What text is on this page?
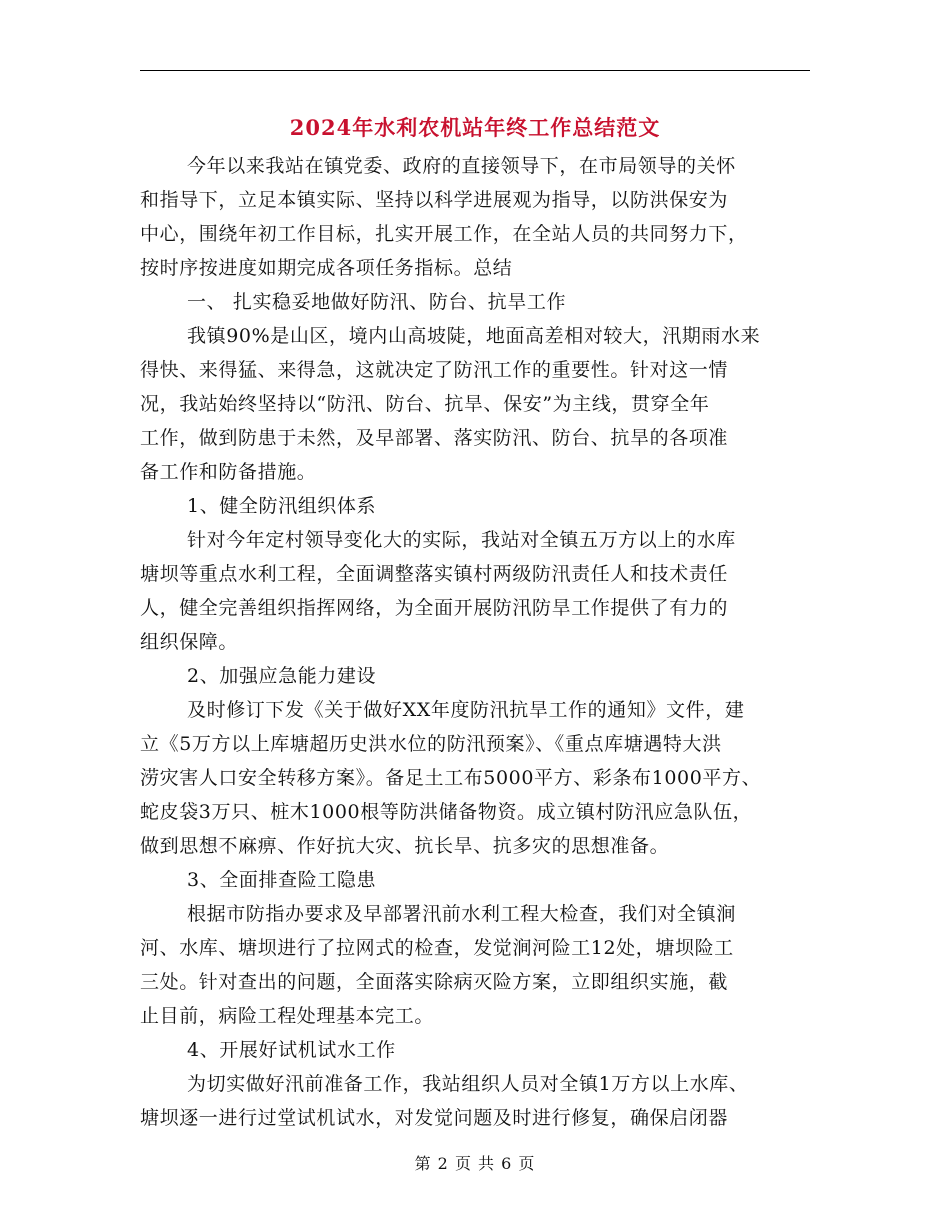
2024年水利农机站年终工作总结范文
今年以来我站在镇党委、政府的直接领导下，在市局领导的关怀
和指导下，立足本镇实际、坚持以科学进展观为指导，以防洪保安为
中心，围绕年初工作目标，扎实开展工作，在全站人员的共同努力下，
按时序按进度如期完成各项任务指标。总结
一、 扎实稳妥地做好防汛、防台、抗旱工作
我镇90%是山区，境内山高坡陡，地面高差相对较大，汛期雨水来
得快、来得猛、来得急，这就决定了防汛工作的重要性。针对这一情
况，我站始终坚持以“防汛、防台、抗旱、保安”为主线，贯穿全年
工作，做到防患于未然，及早部署、落实防汛、防台、抗旱的各项准
备工作和防备措施。
1、健全防汛组织体系
针对今年定村领导变化大的实际，我站对全镇五万方以上的水库
塘坝等重点水利工程，全面调整落实镇村两级防汛责任人和技术责任
人，健全完善组织指挥网络，为全面开展防汛防旱工作提供了有力的
组织保障。
2、加强应急能力建设
及时修订下发《关于做好XX年度防汛抗旱工作的通知》文件，建
立《5万方以上库塘超历史洪水位的防汛预案》、《重点库塘遇特大洪
涝灾害人口安全转移方案》。备足土工布5000平方、彩条布1000平方、
蛇皮袋3万只、桩木1000根等防洪储备物资。成立镇村防汛应急队伍，
做到思想不麻痹、作好抗大灾、抗长旱、抗多灾的思想准备。
3、全面排查险工隐患
根据市防指办要求及早部署汛前水利工程大检查，我们对全镇涧
河、水库、塘坝进行了拉网式的检查，发觉涧河险工12处，塘坝险工
三处。针对查出的问题，全面落实除病灭险方案，立即组织实施，截
止目前，病险工程处理基本完工。
4、开展好试机试水工作
为切实做好汛前准备工作，我站组织人员对全镇1万方以上水库、
塘坝逐一进行过堂试机试水，对发觉问题及时进行修复，确保启闭器
第 2 页 共 6 页
